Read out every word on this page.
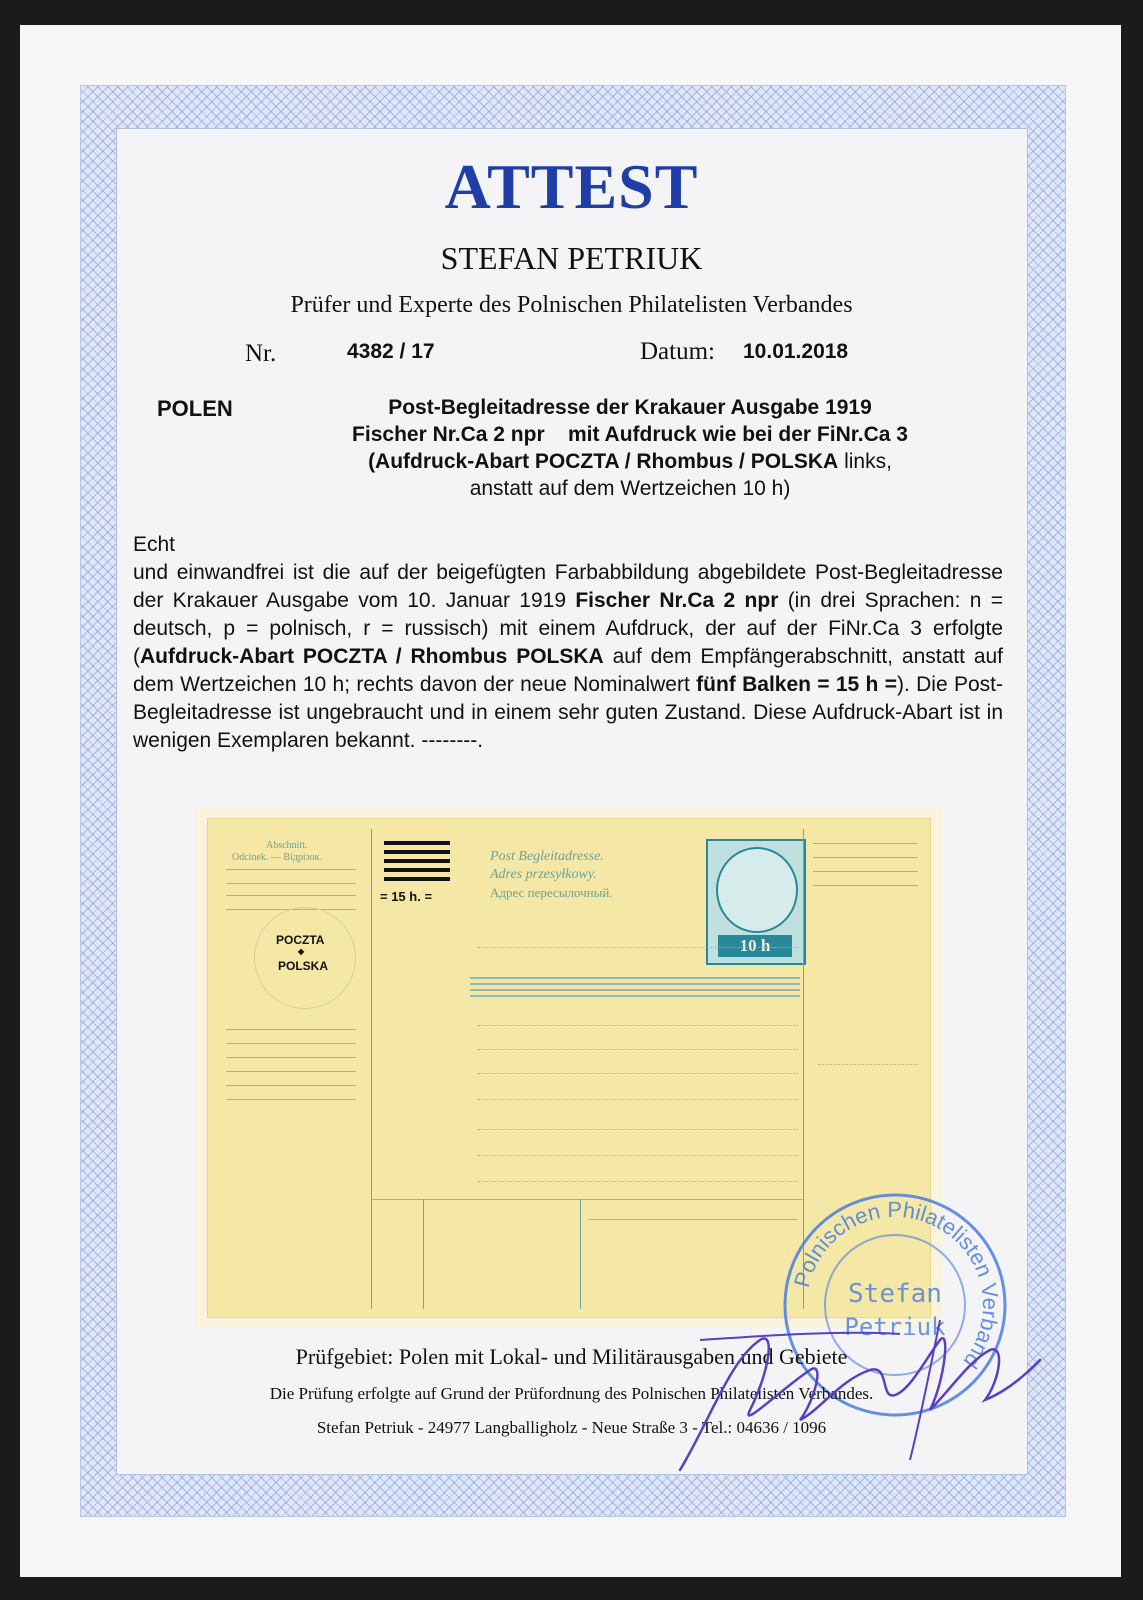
ATTEST
STEFAN PETRIUK
Prüfer und Experte des Polnischen Philatelisten Verbandes
Nr.	4382 / 17	Datum: 10.01.2018
POLEN	Post-Begleitadresse der Krakauer Ausgabe 1919
Fischer Nr.Ca 2 npr mit Aufdruck wie bei der FiNr.Ca 3
(Aufdruck-Abart POCZTA / Rhombus / POLSKA links,
anstatt auf dem Wertzeichen 10 h)

Echt

und einwandfrei ist die auf der beigefügten Farbabbildung abgebildete Post-Begleitadresse der Krakauer Ausgabe vom 10. Januar 1919 Fischer Nr.Ca 2 npr (in drei Sprachen: n = deutsch, p = polnisch, r = russisch) mit einem Aufdruck, der auf der FiNr.Ca 3 erfolgte (Aufdruck-Abart POCZTA / Rhombus POLSKA auf dem Empfängerabschnitt, anstatt auf dem Wertzeichen 10 h; rechts davon der neue Nominalwert fünf Balken = 15 h =). Die Post-Begleitadresse ist ungebraucht und in einem sehr guten Zustand. Diese Aufdruck-Abart ist in wenigen Exemplaren bekannt. --------.

Abschnitt.
Odcinek. — Відрізок.
POCZTA
◆
POLSKA
= 15 h. =
Post Begleitadresse.
Adres przesyłkowy.
Адрес пересылочный.
10 h
Polnischen Philatelisten Verband
Stefan
Petriuk
Prüfgebiet: Polen mit Lokal- und Militärausgaben und Gebiete
Die Prüfung erfolgte auf Grund der Prüfordnung des Polnischen Philatelisten Verbandes.
Stefan Petriuk - 24977 Langballigholz - Neue Straße 3 - Tel.: 04636 / 1096
